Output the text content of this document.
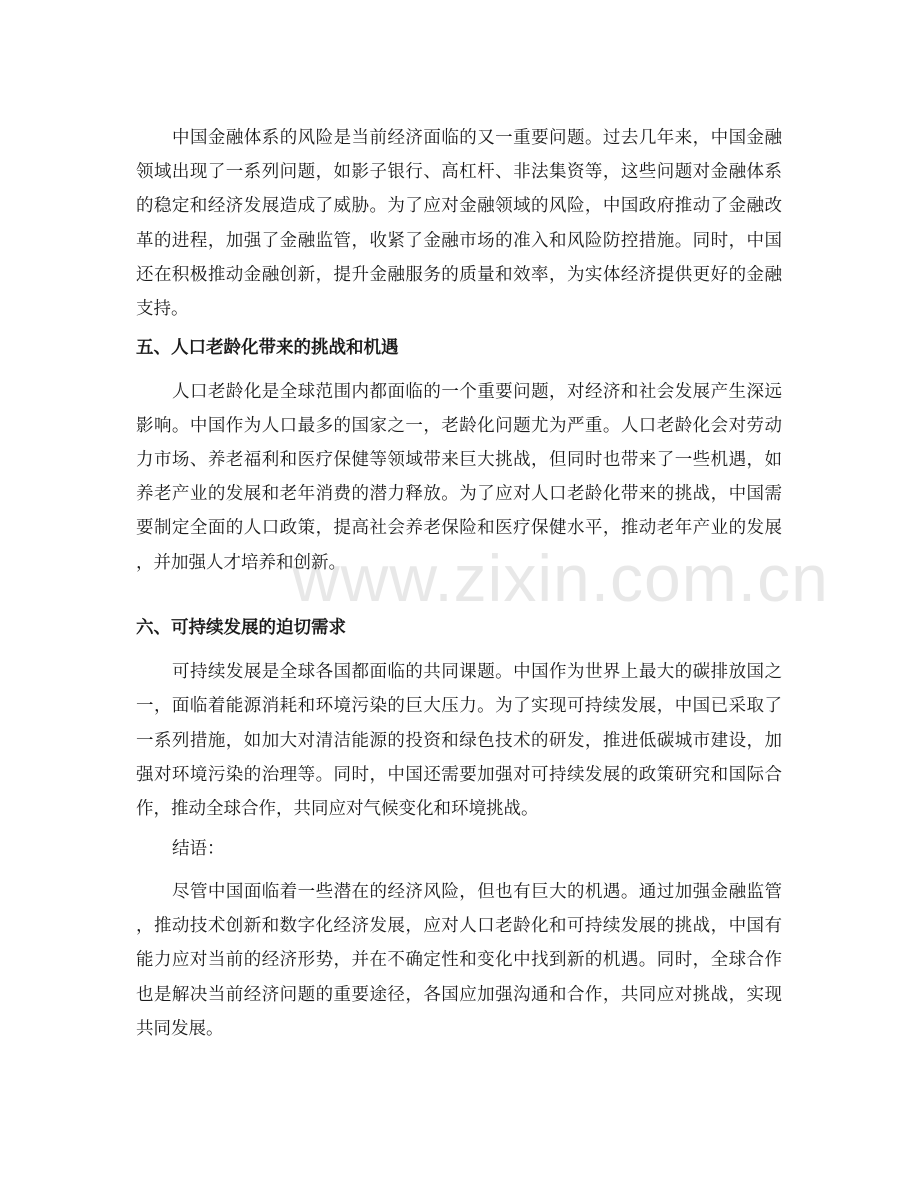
www.zixin.com.cn
中国金融体系的风险是当前经济面临的又一重要问题。过去几年来，中国金融
领域出现了一系列问题，如影子银行、高杠杆、非法集资等，这些问题对金融体系
的稳定和经济发展造成了威胁。为了应对金融领域的风险，中国政府推动了金融改
革的进程，加强了金融监管，收紧了金融市场的准入和风险防控措施。同时，中国
还在积极推动金融创新，提升金融服务的质量和效率，为实体经济提供更好的金融
支持。
五、人口老龄化带来的挑战和机遇
人口老龄化是全球范围内都面临的一个重要问题，对经济和社会发展产生深远
影响。中国作为人口最多的国家之一，老龄化问题尤为严重。人口老龄化会对劳动
力市场、养老福利和医疗保健等领域带来巨大挑战，但同时也带来了一些机遇，如
养老产业的发展和老年消费的潜力释放。为了应对人口老龄化带来的挑战，中国需
要制定全面的人口政策，提高社会养老保险和医疗保健水平，推动老年产业的发展
，并加强人才培养和创新。
六、可持续发展的迫切需求
可持续发展是全球各国都面临的共同课题。中国作为世界上最大的碳排放国之
一，面临着能源消耗和环境污染的巨大压力。为了实现可持续发展，中国已采取了
一系列措施，如加大对清洁能源的投资和绿色技术的研发，推进低碳城市建设，加
强对环境污染的治理等。同时，中国还需要加强对可持续发展的政策研究和国际合
作，推动全球合作，共同应对气候变化和环境挑战。
结语：
尽管中国面临着一些潜在的经济风险，但也有巨大的机遇。通过加强金融监管
，推动技术创新和数字化经济发展，应对人口老龄化和可持续发展的挑战，中国有
能力应对当前的经济形势，并在不确定性和变化中找到新的机遇。同时，全球合作
也是解决当前经济问题的重要途径，各国应加强沟通和合作，共同应对挑战，实现
共同发展。
